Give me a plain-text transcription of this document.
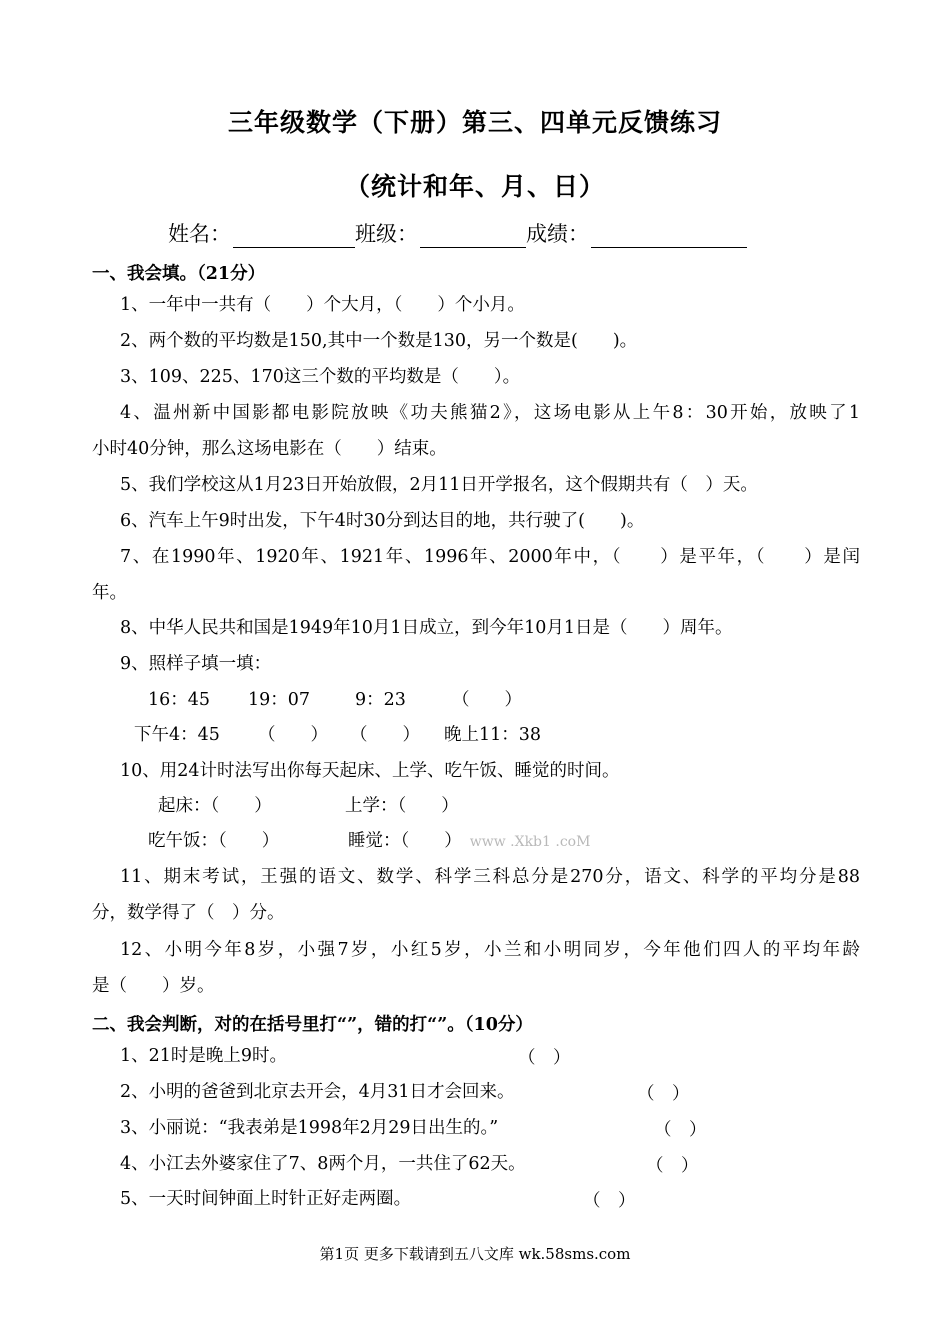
三年级数学（下册）第三、四单元反馈练习
（统计和年、月、日）
姓名：	班级：	成绩：
一、我会填。（21分）
1、一年中一共有（　　）个大月，（　　）个小月。
2、两个数的平均数是150,其中一个数是130，另一个数是(　　)。
3、109、225、170这三个数的平均数是（　　）。
4、温州新中国影都电影院放映《功夫熊猫2》，这场电影从上午8：30开始，放映了1
小时40分钟，那么这场电影在（　　）结束。
5、我们学校这从1月23日开始放假，2月11日开学报名，这个假期共有（　）天。
6、汽车上午9时出发，下午4时30分到达目的地，共行驶了(　　)。
7、在1990年、1920年、1921年、1996年、2000年中，（　　）是平年，（　　）是闰
年。
8、中华人民共和国是1949年10月1日成立，到今年10月1日是（　　）周年。
9、照样子填一填：
16：45 19：07	9：23	（　　）
下午4：45 （　　） （　　） 晚上11：38
10、用24计时法写出你每天起床、上学、吃午饭、睡觉的时间。
起床：（　　）	上学：（　　）
吃午饭：（　　）	睡觉：（　　） www .Xkb1 .coM
11、期末考试，王强的语文、数学、科学三科总分是270分，语文、科学的平均分是88
分，数学得了（　）分。
12、小明今年8岁，小强7岁，小红5岁，小兰和小明同岁，今年他们四人的平均年龄
是（　　）岁。
二、我会判断，对的在括号里打“”，错的打“”。（10分）
1、21时是晚上9时。	（　）
2、小明的爸爸到北京去开会，4月31日才会回来。	（　）
3、小丽说：“我表弟是1998年2月29日出生的。”	（　）
4、小江去外婆家住了7、8两个月，一共住了62天。	（　）
5、一天时间钟面上时针正好走两圈。	（　）
第1页 更多下载请到五八文库 wk.58sms.com
